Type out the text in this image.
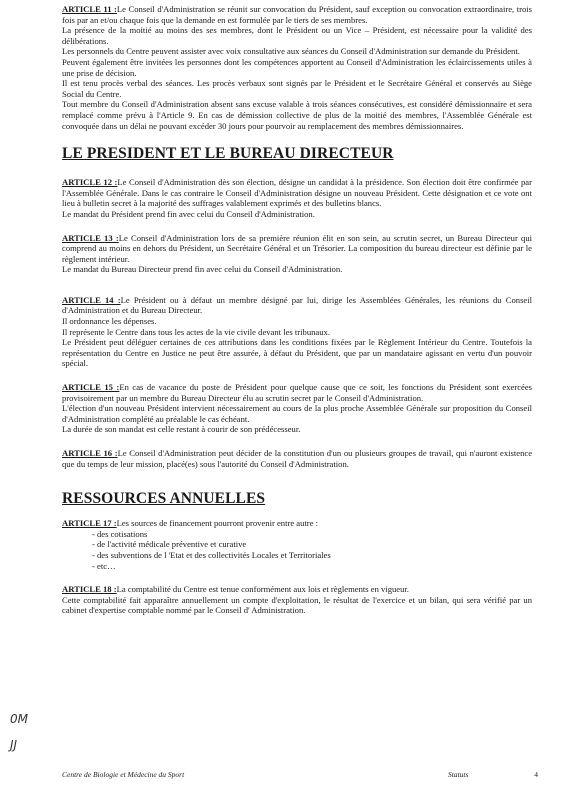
ARTICLE 11 :Le Conseil d'Administration se réunit sur convocation du Président, sauf exception ou convocation extraordinaire, trois fois par an et/ou chaque fois que la demande en est formulée par le tiers de ses membres.

La présence de la moitié au moins des ses membres, dont le Président ou un Vice – Président, est nécessaire pour la validité des délibérations.

Les personnels du Centre peuvent assister avec voix consultative aux séances du Conseil d'Administration sur demande du Président.

Peuvent également être invitées les personnes dont les compétences apportent au Conseil d'Administration les éclaircissements utiles à une prise de décision.

Il est tenu procès verbal des séances. Les procès verbaux sont signés par le Président et le Secrétaire Général et conservés au Siège Social du Centre.

Tout membre du Conseil d'Administration absent sans excuse valable à trois séances consécutives, est considéré démissionnaire et sera remplacé comme prévu à l'Article 9. En cas de démission collective de plus de la moitié des membres, l'Assemblée Générale est convoquée dans un délai ne pouvant excéder 30 jours pour pourvoir au remplacement des membres démissionnaires.

LE PRESIDENT ET LE BUREAU DIRECTEUR

ARTICLE 12 :Le Conseil d'Administration dès son élection, désigne un candidat à la présidence. Son élection doit être confirmée par l'Assemblée Générale. Dans le cas contraire le Conseil d'Administration désigne un nouveau Président. Cette désignation et ce vote ont lieu à bulletin secret à la majorité des suffrages valablement exprimés et des bulletins blancs.

Le mandat du Président prend fin avec celui du Conseil d'Administration.

ARTICLE 13 :Le Conseil d'Administration lors de sa première réunion élit en son sein, au scrutin secret, un Bureau Directeur qui comprend au moins en dehors du Président, un Secrétaire Général et un Trésorier. La composition du bureau directeur est définie par le règlement intérieur.

Le mandat du Bureau Directeur prend fin avec celui du Conseil d'Administration.

ARTICLE 14 :Le Président ou à défaut un membre désigné par lui, dirige les Assemblées Générales, les réunions du Conseil d'Administration et du Bureau Directeur.

Il ordonnance les dépenses.

Il représente le Centre dans tous les actes de la vie civile devant les tribunaux.

Le Président peut déléguer certaines de ces attributions dans les conditions fixées par le Règlement Intérieur du Centre. Toutefois la représentation du Centre en Justice ne peut être assurée, à défaut du Président, que par un mandataire agissant en vertu d'un pouvoir spécial.

ARTICLE 15 :En cas de vacance du poste de Président pour quelque cause que ce soit, les fonctions du Président sont exercées provisoirement par un membre du Bureau Directeur élu au scrutin secret par le Conseil d'Administration.

L'élection d'un nouveau Président intervient nécessairement au cours de la plus proche Assemblée Générale sur proposition du Conseil d'Administration complété au préalable le cas échéant.

La durée de son mandat est celle restant à courir de son prédécesseur.

ARTICLE 16 :Le Conseil d'Administration peut décider de la constitution d'un ou plusieurs groupes de travail, qui n'auront existence que du temps de leur mission, placé(es) sous l'autorité du Conseil d'Administration.

RESSOURCES ANNUELLES

ARTICLE 17 :Les sources de financement pourront provenir entre autre :

- des cotisations
- de l'activité médicale préventive et curative
- des subventions de l 'Etat et des collectivités Locales et Territoriales
- etc…

ARTICLE 18 :La comptabilité du Centre est tenue conformément aux lois et règlements en vigueur.

Cette comptabilité fait apparaître annuellement un compte d'exploitation, le résultat de l'exercice et un bilan, qui sera vérifié par un cabinet d'expertise comptable nommé par le Conseil d' Administration.

0M
JJ
Centre de Biologie et Médecine du Sport	Statuts	4
